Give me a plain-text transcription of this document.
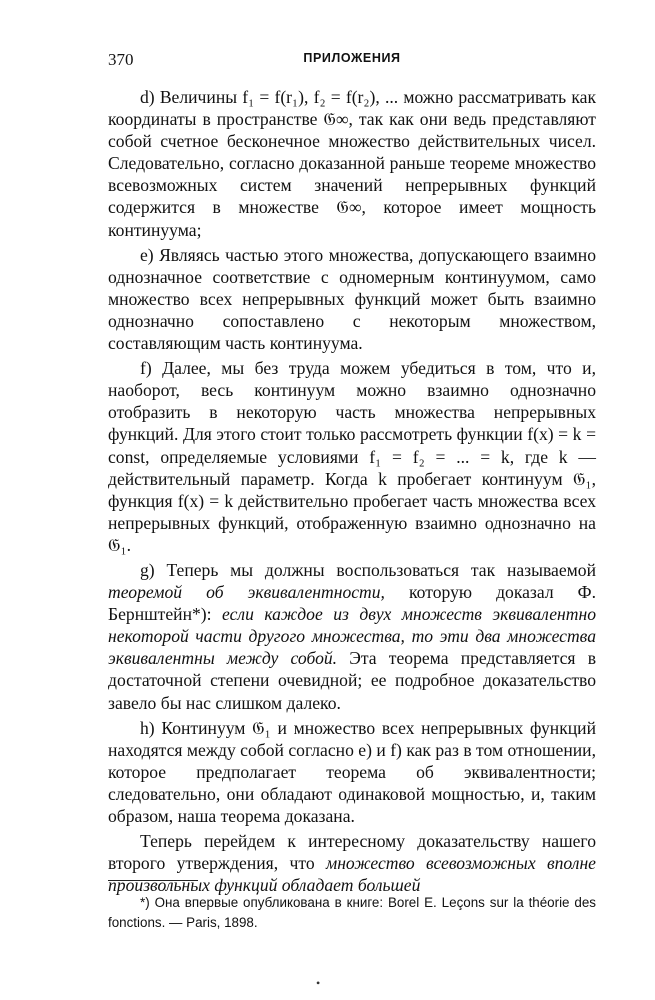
370	ПРИЛОЖЕНИЯ

d) Величины f₁ = f(r₁), f₂ = f(r₂), ... можно рассматривать как координаты в пространстве 𝔊∞, так как они ведь представляют собой счетное бесконечное множество действительных чисел. Следовательно, согласно доказанной раньше теореме множество всевозможных систем значений непрерывных функций содержится в множестве 𝔊∞, которое имеет мощность континуума;

e) Являясь частью этого множества, допускающего взаимно однозначное соответствие с одномерным континуумом, само множество всех непрерывных функций может быть взаимно однозначно сопоставлено с некоторым множеством, составляющим часть континуума.

f) Далее, мы без труда можем убедиться в том, что и, наоборот, весь континуум можно взаимно однозначно отобразить в некоторую часть множества непрерывных функций. Для этого стоит только рассмотреть функции f(x) = k = const, определяемые условиями f₁ = f₂ = ... = k, где k — действительный параметр. Когда k пробегает континуум 𝔊₁, функция f(x) = k действительно пробегает часть множества всех непрерывных функций, отображенную взаимно однозначно на 𝔊₁.

g) Теперь мы должны воспользоваться так называемой теоремой об эквивалентности, которую доказал Ф. Бернштейн*): если каждое из двух множеств эквивалентно некоторой части другого множества, то эти два множества эквивалентны между собой. Эта теорема представляется в достаточной степени очевидной; ее подробное доказательство завело бы нас слишком далеко.

h) Континуум 𝔊₁ и множество всех непрерывных функций находятся между собой согласно e) и f) как раз в том отношении, которое предполагает теорема об эквивалентности; следовательно, они обладают одинаковой мощностью, и, таким образом, наша теорема доказана.

Теперь перейдем к интересному доказательству нашего второго утверждения, что множество всевозможных вполне произвольных функций обладает большей

*) Она впервые опубликована в книге: Borel E. Leçons sur la théorie des fonctions. — Paris, 1898.

•
